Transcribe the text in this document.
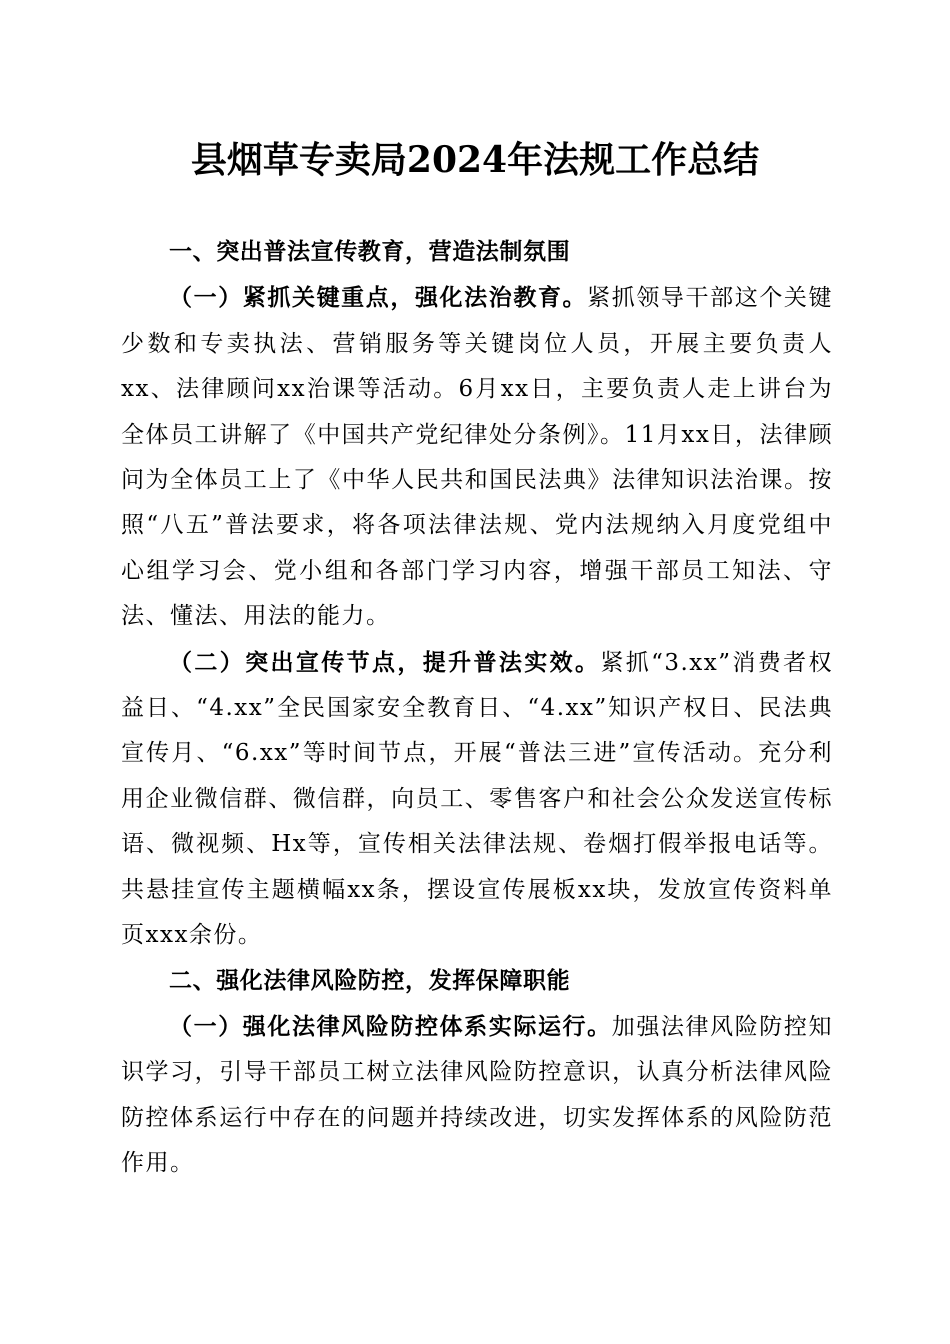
县烟草专卖局2024年法规工作总结

一、突出普法宣传教育，营造法制氛围

（一）紧抓关键重点，强化法治教育。紧抓领导干部这个关键少数和专卖执法、营销服务等关键岗位人员，开展主要负责人xx、法律顾问xx治课等活动。6月xx日，主要负责人走上讲台为全体员工讲解了《中国共产党纪律处分条例》。11月xx日，法律顾问为全体员工上了《中华人民共和国民法典》法律知识法治课。按照“八五”普法要求，将各项法律法规、党内法规纳入月度党组中心组学习会、党小组和各部门学习内容，增强干部员工知法、守法、懂法、用法的能力。

（二）突出宣传节点，提升普法实效。紧抓“3.xx”消费者权益日、“4.xx”全民国家安全教育日、“4.xx”知识产权日、民法典宣传月、“6.xx”等时间节点，开展“普法三进”宣传活动。充分利用企业微信群、微信群，向员工、零售客户和社会公众发送宣传标语、微视频、Hx等，宣传相关法律法规、卷烟打假举报电话等。共悬挂宣传主题横幅xx条，摆设宣传展板xx块，发放宣传资料单页xxx余份。

二、强化法律风险防控，发挥保障职能

（一）强化法律风险防控体系实际运行。加强法律风险防控知识学习，引导干部员工树立法律风险防控意识，认真分析法律风险防控体系运行中存在的问题并持续改进，切实发挥体系的风险防范作用。
